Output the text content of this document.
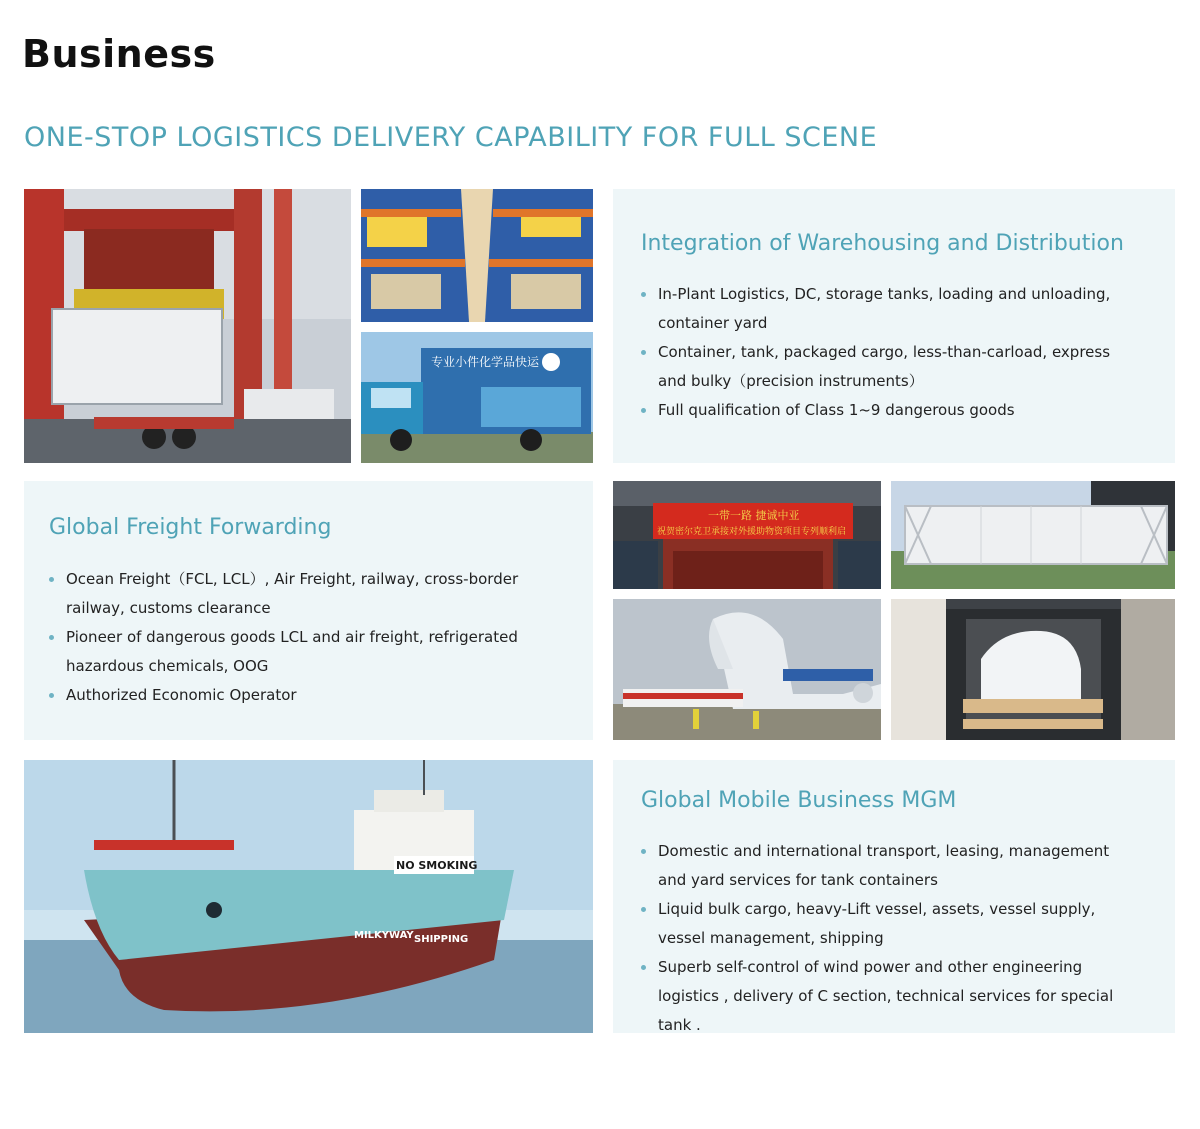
Business
ONE-STOP LOGISTICS DELIVERY CAPABILITY FOR FULL SCENE
专业小件化学品快运
Integration of Warehousing and Distribution
In-Plant Logistics, DC, storage tanks, loading and unloading, container yard
Container, tank, packaged cargo, less-than-carload, express and bulky（precision instruments）
Full qualification of Class 1~9 dangerous goods
Global Freight Forwarding
Ocean Freight（FCL, LCL）, Air Freight, railway, cross-border railway, customs clearance
Pioneer of dangerous goods LCL and air freight, refrigerated hazardous chemicals, OOG
Authorized Economic Operator
一带一路 捷诚中亚
祝贺密尔克卫承接对外援助物资项目专列顺利启
NO SMOKING
MILKYWAY SHIPPING
Global Mobile Business MGM
Domestic and international transport, leasing, management and yard services for tank containers
Liquid bulk cargo, heavy-Lift vessel, assets, vessel supply, vessel management, shipping
Superb self-control of wind power and other engineering logistics , delivery of C section, technical services for special tank .
